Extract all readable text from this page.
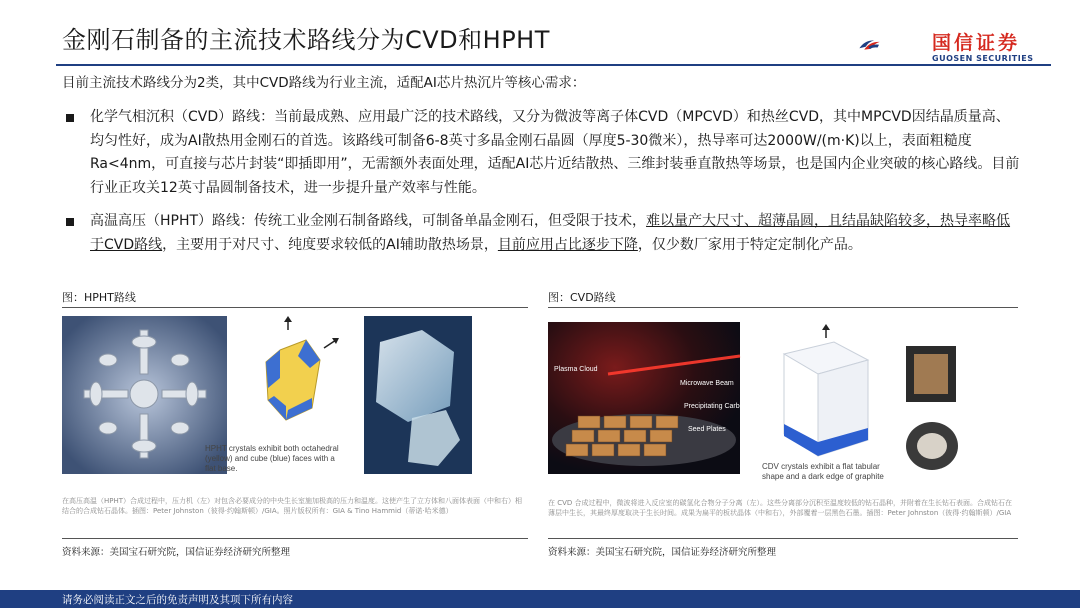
金刚石制备的主流技术路线分为CVD和HPHT	国信证券
GUOSEN SECURITIES
目前主流技术路线分为2类，其中CVD路线为行业主流，适配AI芯片热沉片等核心需求：
化学气相沉积（CVD）路线：当前最成熟、应用最广泛的技术路线，又分为微波等离子体CVD（MPCVD）和热丝CVD，其中MPCVD因结晶质量高、均匀性好，成为AI散热用金刚石的首选。该路线可制备6-8英寸多晶金刚石晶圆（厚度5-30微米），热导率可达2000W/(m·K)以上，表面粗糙度Ra<4nm，可直接与芯片封装“即插即用”，无需额外表面处理，适配AI芯片近结散热、三维封装垂直散热等场景，也是国内企业突破的核心路线。目前行业正攻关12英寸晶圆制备技术，进一步提升量产效率与性能。
高温高压（HPHT）路线：传统工业金刚石制备路线，可制备单晶金刚石，但受限于技术，难以量产大尺寸、超薄晶圆，且结晶缺陷较多，热导率略低于CVD路线，主要用于对尺寸、纯度要求较低的AI辅助散热场景，目前应用占比逐步下降，仅少数厂家用于特定定制化产品。
图：HPHT路线
HPHT crystals exhibit both octahedral (yellow) and cube (blue) faces with a flat base.
在高压高温（HPHT）合成过程中，压力机（左）对包含必要成分的中央生长室施加极高的压力和温度。这使产生了立方体和八面体表面（中和右）相结合的合成钻石晶体。插图：Peter Johnston（彼得·约翰斯顿）/GIA。照片版权所有：GIA & Tino Hammid（蒂诺·哈米德）
资料来源：美国宝石研究院，国信证券经济研究所整理
图：CVD路线
Plasma Cloud
Microwave Beam
Precipitating Carbon
Seed Plates
CDV crystals exhibit a flat tabular shape and a dark edge of graphite
在 CVD 合成过程中，微波将进入反应室的碳氢化合物分子分离（左）。这些分离部分沉积至温度较低的钻石晶种，并附着在生长钻石表面。合成钻石在薄层中生长，其最终厚度取决于生长时间。成果为扁平的板状晶体（中和右），外部覆着一层黑色石墨。插图：Peter Johnston（彼得·约翰斯顿）/GIA
资料来源：美国宝石研究院，国信证券经济研究所整理
请务必阅读正文之后的免责声明及其项下所有内容
